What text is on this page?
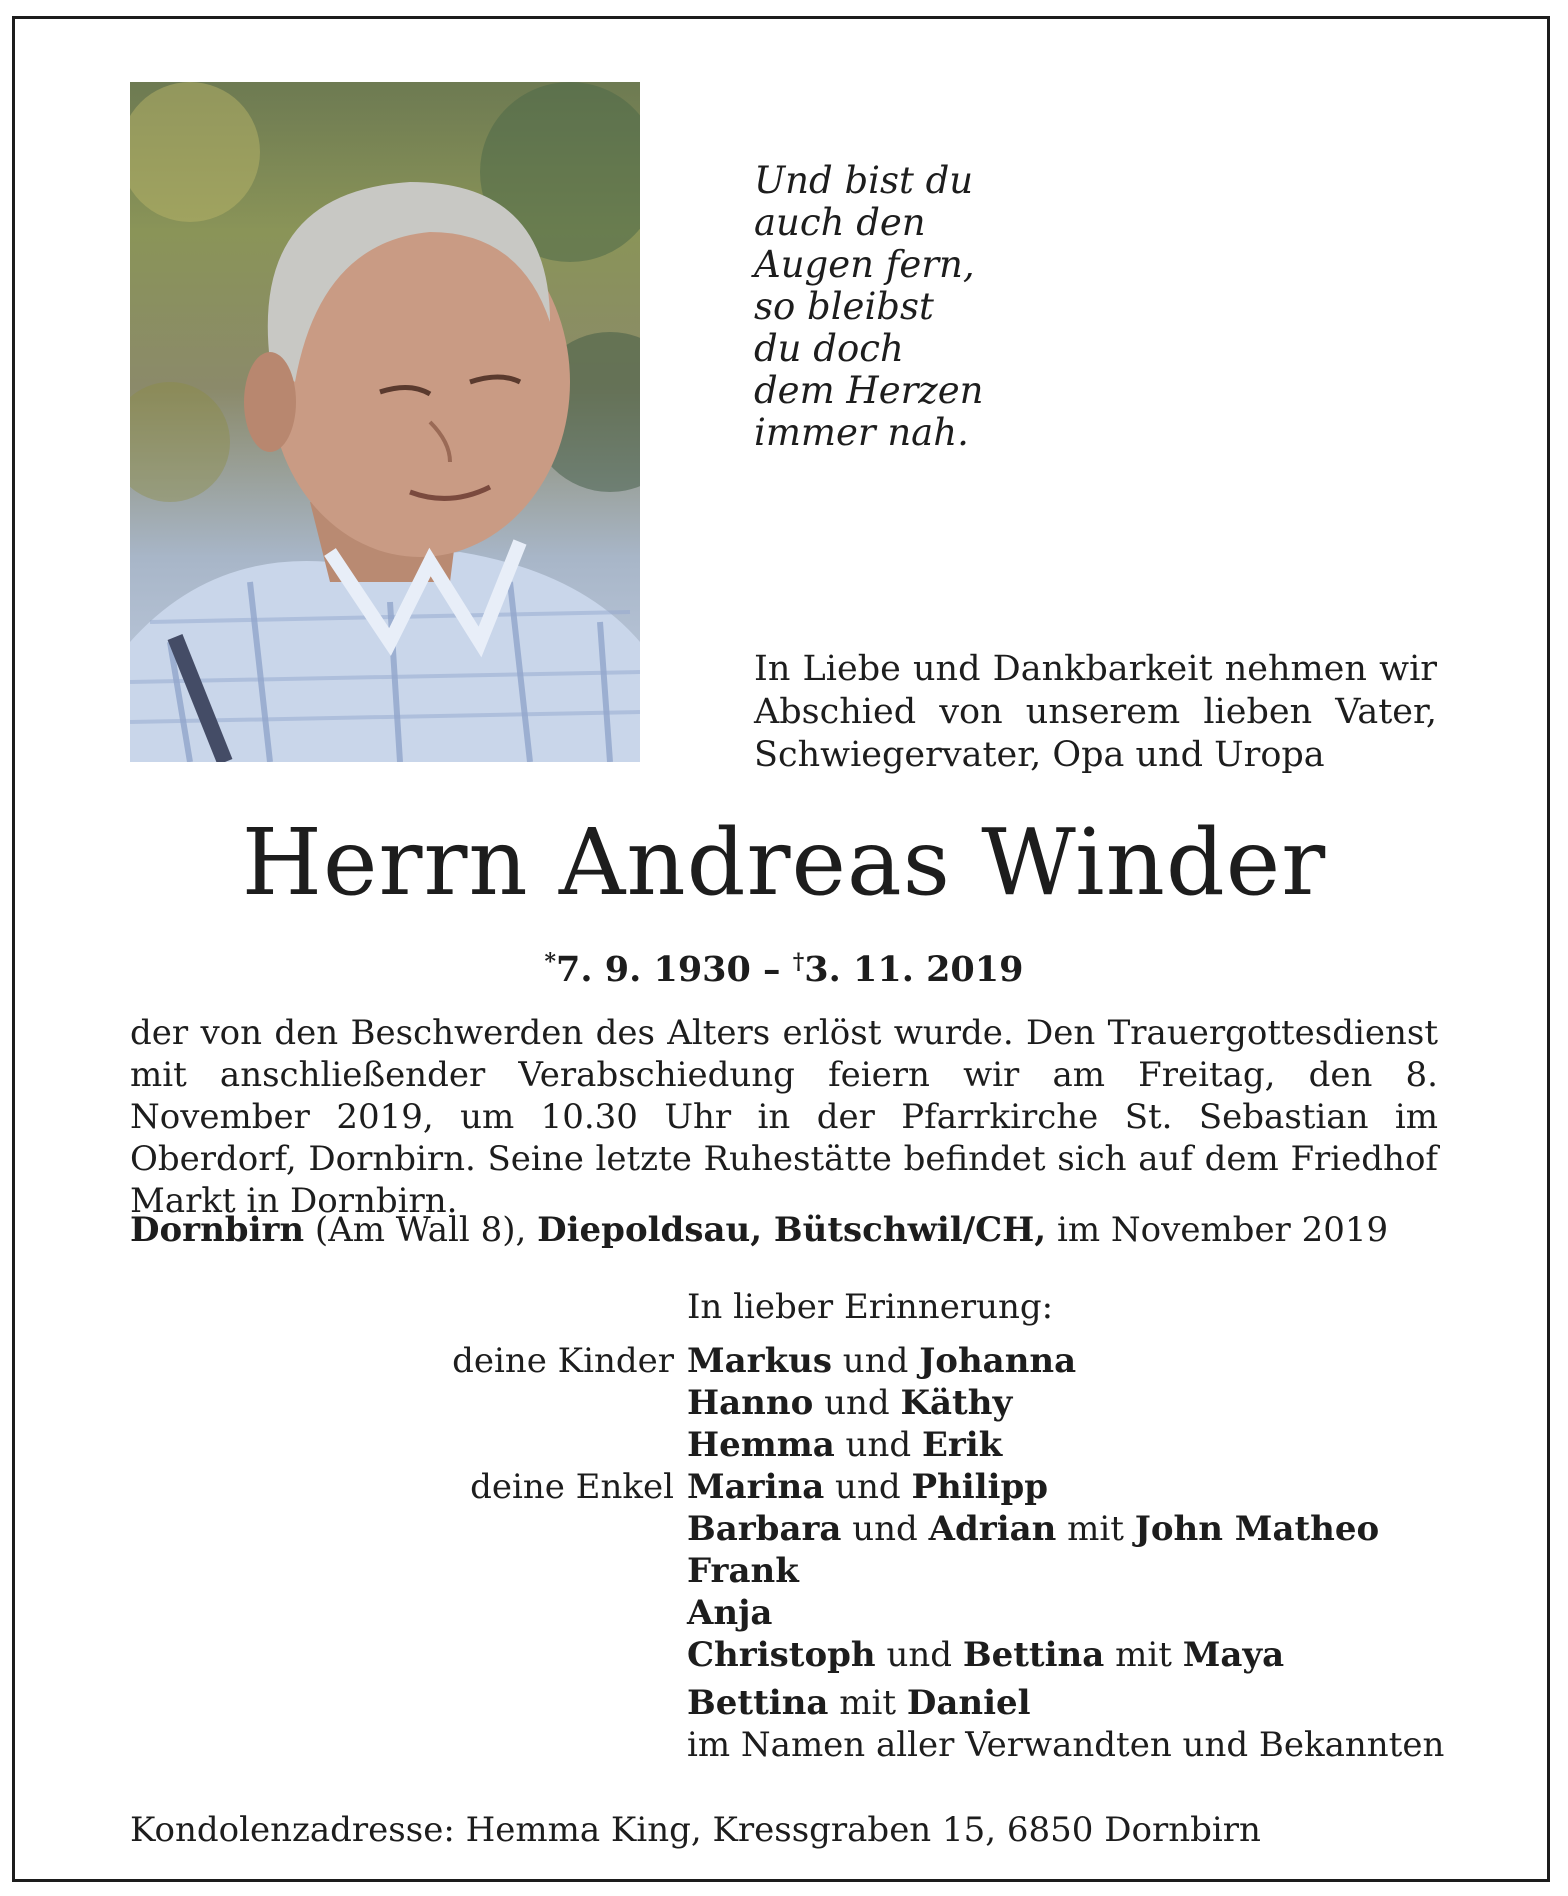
Und bist du
auch den
Augen fern,
so bleibst
du doch
dem Herzen
immer nah.
In Liebe und Dankbarkeit nehmen wir Abschied von unserem lieben Vater, Schwiegervater, Opa und Uropa
Herrn Andreas Winder
*7. 9. 1930 – †3. 11. 2019
der von den Beschwerden des Alters erlöst wurde. Den Trauergottesdienst mit anschließender Verabschiedung feiern wir am Freitag, den 8. November 2019, um 10.30 Uhr in der Pfarrkirche St. Sebastian im Oberdorf, Dornbirn. Seine letzte Ruhestätte befindet sich auf dem Friedhof Markt in Dornbirn.
Dornbirn (Am Wall 8), Diepoldsau, Bütschwil/CH, im November 2019
In lieber Erinnerung:
deine Kinder Markus und Johanna
Hanno und Käthy
Hemma und Erik
deine Enkel Marina und Philipp
Barbara und Adrian mit John Matheo
Frank
Anja
Christoph und Bettina mit Maya
Bettina mit Daniel
im Namen aller Verwandten und Bekannten
Kondolenzadresse: Hemma King, Kressgraben 15, 6850 Dornbirn
